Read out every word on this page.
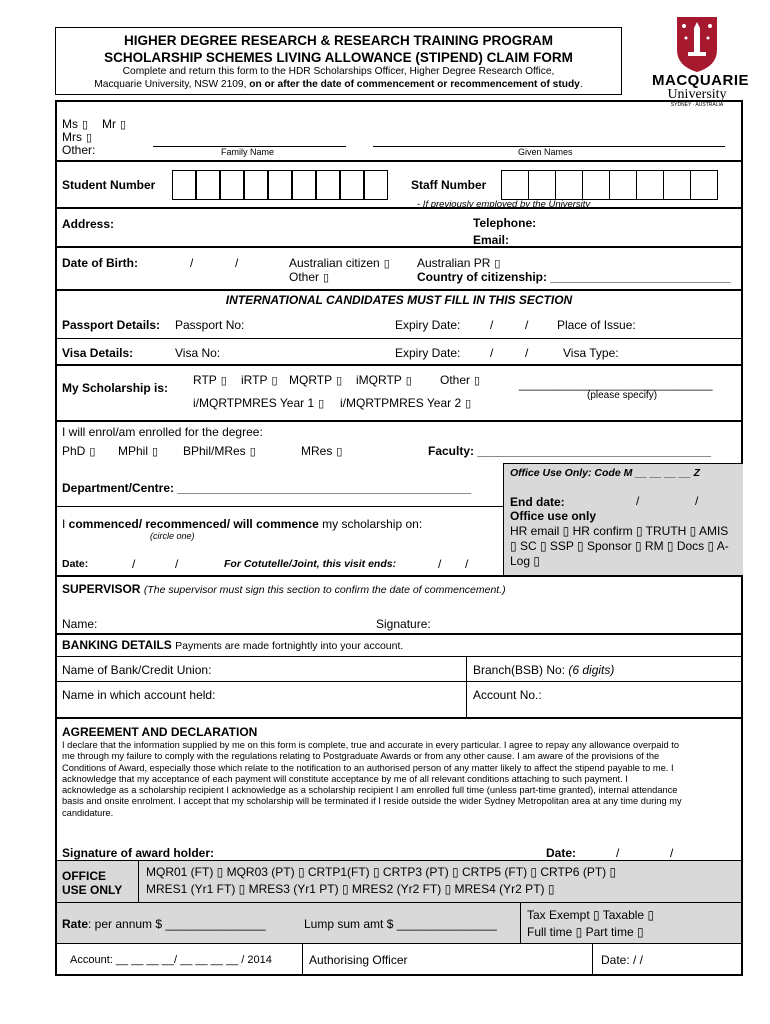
HIGHER DEGREE RESEARCH & RESEARCH TRAINING PROGRAM
SCHOLARSHIP SCHEMES LIVING ALLOWANCE (STIPEND) CLAIM FORM
Complete and return this form to the HDR Scholarships Officer, Higher Degree Research Office,
Macquarie University, NSW 2109, on or after the date of commencement or recommencement of study.	MACQUARIE
University
SYDNEY · AUSTRALIA
Ms ▯	Mr ▯
Mrs ▯
Other:	Family Name	Given Names
Student Number	Staff Number
- If previously employed by the University
Address:	Telephone:
Email:
Date of Birth:	/	/	Australian citizen ▯	Australian PR ▯
Other ▯	Country of citizenship: ___________________________
INTERNATIONAL CANDIDATES MUST FILL IN THIS SECTION
Passport Details: Passport No:	Expiry Date: /	/ Place of Issue:
Visa Details:	Visa No:	Expiry Date: /	/	Visa Type:
My Scholarship is:
RTP ▯	iRTP ▯	MQRTP ▯	iMQRTP ▯	Other ▯
i/MQRTPMRES Year 1 ▯	i/MQRTPMRES Year 2 ▯
_____________________________
(please specify)
I will enrol/am enrolled for the degree:
PhD ▯	MPhil ▯	BPhil/MRes ▯	MRes ▯	Faculty: ___________________________________
Department/Centre: ____________________________________________
I commenced/ recommenced/ will commence my scholarship on:
(circle one)
Date:	/	/	For Cotutelle/Joint, this visit ends:	/ /
Office Use Only: Code M __ __ __ __ Z
End date:	/	/
Office use only
HR email ▯ HR confirm ▯ TRUTH ▯ AMIS
▯ SC ▯ SSP ▯ Sponsor ▯ RM ▯ Docs ▯ A-
Log ▯
SUPERVISOR (The supervisor must sign this section to confirm the date of commencement.)
Name:	Signature:
BANKING DETAILS Payments are made fortnightly into your account.
Name of Bank/Credit Union:	Branch(BSB) No: (6 digits)
Name in which account held:	Account No.:
AGREEMENT AND DECLARATION
I declare that the information supplied by me on this form is complete, true and accurate in every particular. I agree to repay any allowance overpaid to
me through my failure to comply with the regulations relating to Postgraduate Awards or from any other cause. I am aware of the provisions of the
Conditions of Award, especially those which relate to the notification to an authorised person of any matter likely to affect the stipend payable to me. I
acknowledge that my acceptance of each payment will constitute acceptance by me of all relevant conditions attaching to such payment. I
acknowledge as a scholarship recipient I acknowledge as a scholarship recipient I am enrolled full time (unless part-time granted), internal attendance
basis and onsite enrolment. I accept that my scholarship will be terminated if I reside outside the wider Sydney Metropolitan area at any time during my
candidature.
Signature of award holder:	Date:	/	/
OFFICE
USE ONLY
MQR01 (FT) ▯ MQR03 (PT) ▯ CRTP1(FT) ▯ CRTP3 (PT) ▯ CRTP5 (FT) ▯ CRTP6 (PT) ▯
MRES1 (Yr1 FT) ▯ MRES3 (Yr1 PT) ▯ MRES2 (Yr2 FT) ▯ MRES4 (Yr2 PT) ▯
Rate: per annum $ _______________	Lump sum amt $ _______________
Tax Exempt ▯ Taxable ▯
Full time ▯ Part time ▯
Account: __ __ __ __/ __ __ __ __ / 2014	Authorising Officer	Date: / /
